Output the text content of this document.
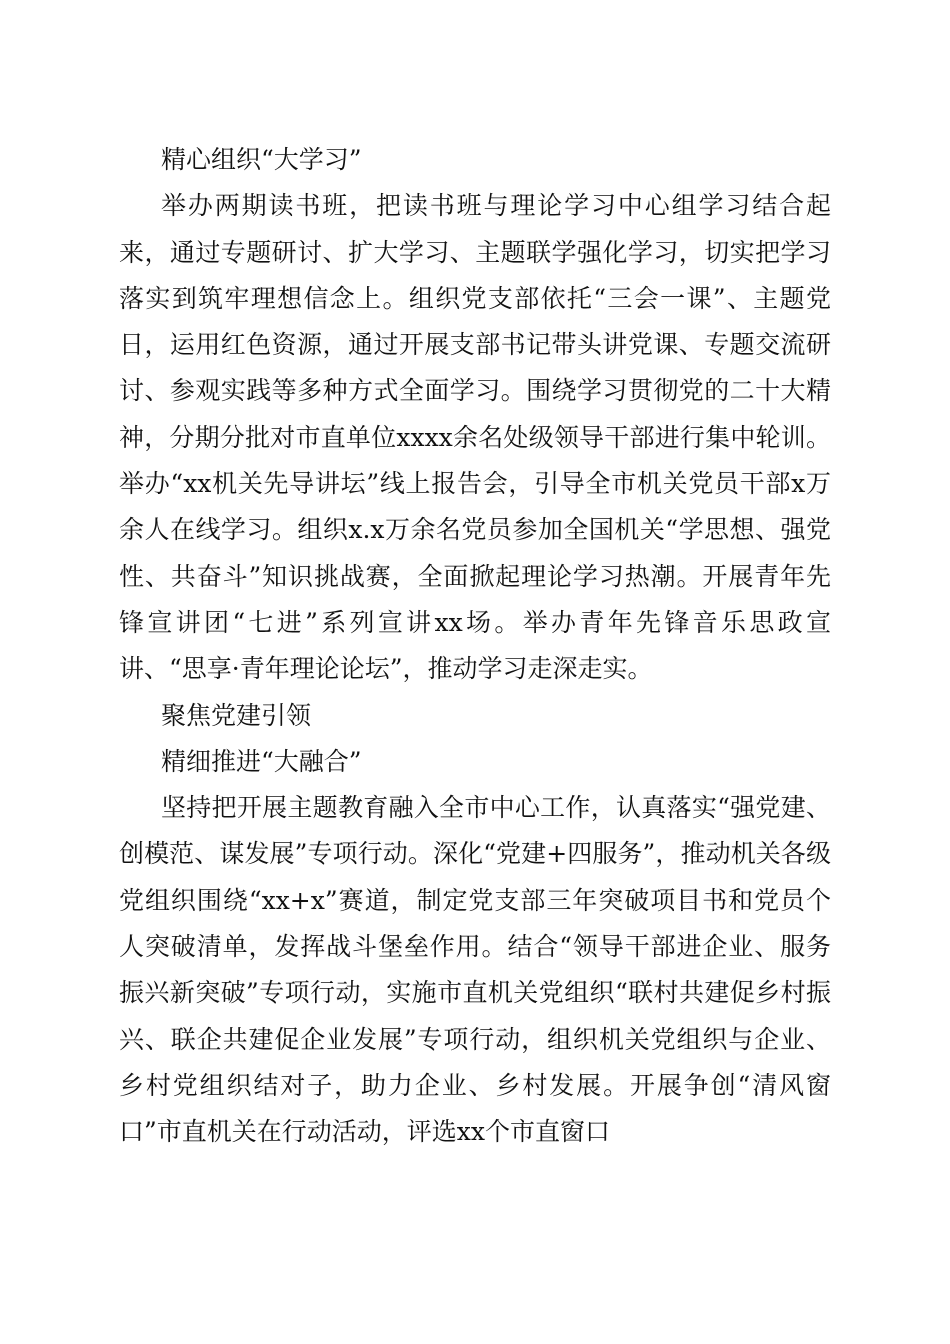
精心组织“大学习”

举办两期读书班，把读书班与理论学习中心组学习结合起来，通过专题研讨、扩大学习、主题联学强化学习，切实把学习落实到筑牢理想信念上。组织党支部依托“三会一课”、主题党日，运用红色资源，通过开展支部书记带头讲党课、专题交流研讨、参观实践等多种方式全面学习。围绕学习贯彻党的二十大精神，分期分批对市直单位xxxx余名处级领导干部进行集中轮训。举办“xx机关先导讲坛”线上报告会，引导全市机关党员干部x万余人在线学习。组织x.x万余名党员参加全国机关“学思想、强党性、共奋斗”知识挑战赛，全面掀起理论学习热潮。开展青年先锋宣讲团“七进”系列宣讲xx场。举办青年先锋音乐思政宣讲、“思享·青年理论论坛”，推动学习走深走实。

聚焦党建引领

精细推进“大融合”

坚持把开展主题教育融入全市中心工作，认真落实“强党建、创模范、谋发展”专项行动。深化“党建+四服务”，推动机关各级党组织围绕“xx+x”赛道，制定党支部三年突破项目书和党员个人突破清单，发挥战斗堡垒作用。结合“领导干部进企业、服务振兴新突破”专项行动，实施市直机关党组织“联村共建促乡村振兴、联企共建促企业发展”专项行动，组织机关党组织与企业、乡村党组织结对子，助力企业、乡村发展。开展争创“清风窗口”市直机关在行动活动，评选xx个市直窗口
